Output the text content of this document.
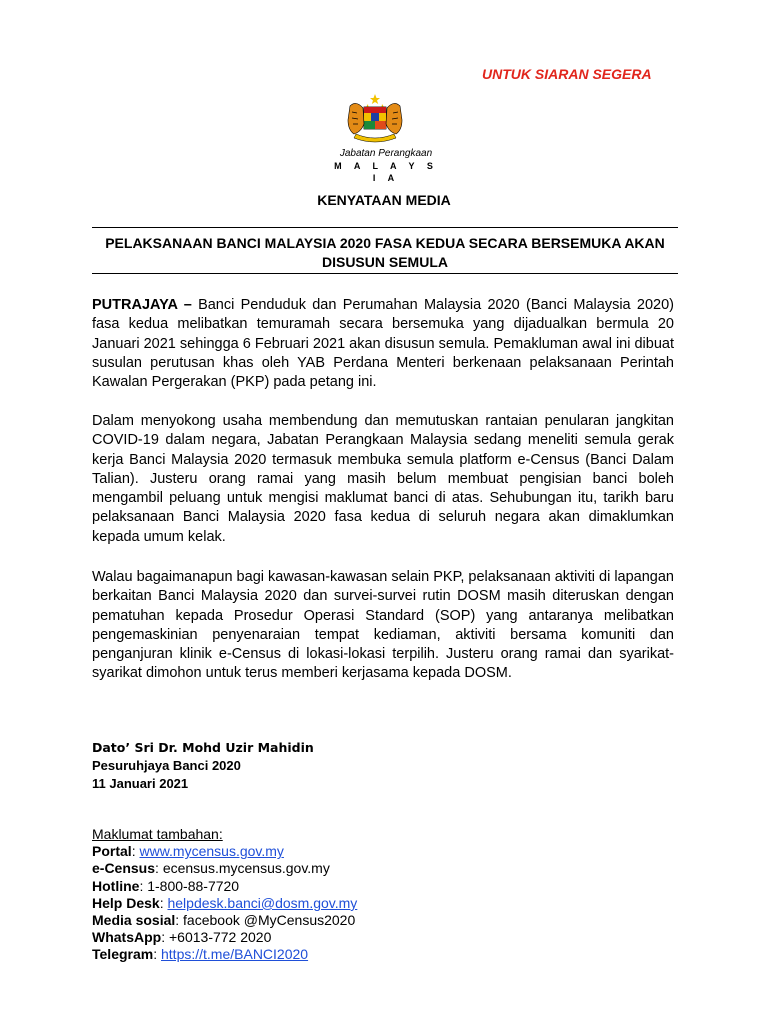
UNTUK SIARAN SEGERA
Jabatan Perangkaan
M A L A Y S I A
KENYATAAN MEDIA
PELAKSANAAN BANCI MALAYSIA 2020 FASA KEDUA SECARA BERSEMUKA AKAN DISUSUN SEMULA
PUTRAJAYA – Banci Penduduk dan Perumahan Malaysia 2020 (Banci Malaysia 2020) fasa kedua melibatkan temuramah secara bersemuka yang dijadualkan bermula 20 Januari 2021 sehingga 6 Februari 2021 akan disusun semula. Pemakluman awal ini dibuat susulan perutusan khas oleh YAB Perdana Menteri berkenaan pelaksanaan Perintah Kawalan Pergerakan (PKP) pada petang ini.
Dalam menyokong usaha membendung dan memutuskan rantaian penularan jangkitan COVID-19 dalam negara, Jabatan Perangkaan Malaysia sedang meneliti semula gerak kerja Banci Malaysia 2020 termasuk membuka semula platform e-Census (Banci Dalam Talian). Justeru orang ramai yang masih belum membuat pengisian banci boleh mengambil peluang untuk mengisi maklumat banci di atas. Sehubungan itu, tarikh baru pelaksanaan Banci Malaysia 2020 fasa kedua di seluruh negara akan dimaklumkan kepada umum kelak.
Walau bagaimanapun bagi kawasan-kawasan selain PKP, pelaksanaan aktiviti di lapangan berkaitan Banci Malaysia 2020 dan survei-survei rutin DOSM masih diteruskan dengan pematuhan kepada Prosedur Operasi Standard (SOP) yang antaranya melibatkan pengemaskinian penyenaraian tempat kediaman, aktiviti bersama komuniti dan penganjuran klinik e-Census di lokasi-lokasi terpilih. Justeru orang ramai dan syarikat-syarikat dimohon untuk terus memberi kerjasama kepada DOSM.
Dato’ Sri Dr. Mohd Uzir Mahidin
Pesuruhjaya Banci 2020
11 Januari 2021
Maklumat tambahan:
Portal: www.mycensus.gov.my
e-Census: ecensus.mycensus.gov.my
Hotline: 1-800-88-7720
Help Desk: helpdesk.banci@dosm.gov.my
Media sosial: facebook @MyCensus2020
WhatsApp: +6013-772 2020
Telegram: https://t.me/BANCI2020
